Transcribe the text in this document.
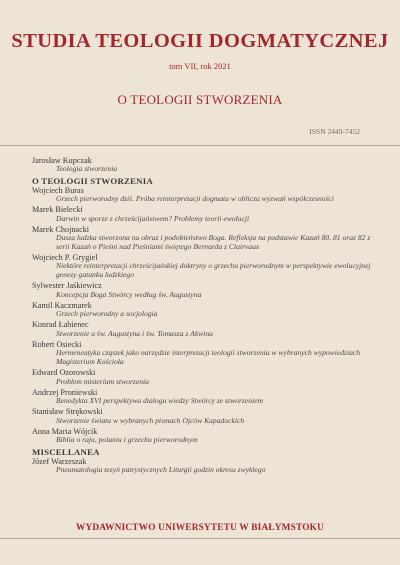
STUDIA TEOLOGII DOGMATYCZNEJ
tom VII, rok 2021
O TEOLOGII STWORZENIA
ISSN 2449-7452
Jarosław Kupczak
Teologia stworzenia
O TEOLOGII STWORZENIA
Wojciech Buras
Grzech pierworodny dziś. Próba reinterpretacji dogmatu w obliczu wyzwań współczesności
Marek Bielecki
Darwin w sporze z chrześcijaństwem? Problemy teorii ewolucji
Marek Chojnacki
Dusza ludzka stworzona na obraz i podobieństwo Boga. Refleksja na podstawie Kazań 80, 81 oraz 82 z serii Kazań o Pieśni nad Pieśniami świętego Bernarda z Clairvaux
Wojciech P. Grygiel
Niektóre reinterpretacji chrześcijańskiej doktryny o grzechu pierworodnym w perspektywie ewolucyjnej genezy gatunku ludzkiego
Sylwester Jaśkiewicz
Koncepcja Boga Stwórcy według św. Augustyna
Kamil Kaczmarek
Grzech pierworodny a socjologia
Konrad Łabienec
Stworzenie u św. Augustyna i św. Tomasza z Akwinu
Robert Osiecki
Hermeneutyka cząstek jako narzędzie interpretacji teologii stworzenia w wybranych wypowiedziach Magisterium Kościoła
Edward Ozorowski
Problem misterium stworzenia
Andrzej Proniewski
Benedykta XVI perspektywa dialogu wiedzy Stwórcy ze stworzeniem
Stanisław Strękowski
Stworzenie świata w wybranych pismach Ojców Kapadockich
Anna Maria Wójcik
Biblia o raju, polaniu i grzechu pierworodnym
MISCELLANEA
Józef Warzeszak
Pneumatologia tezyń patrystycznych Liturgii godzin okresu zwykłego
WYDAWNICTWO UNIWERSYTETU W BIAŁYMSTOKU
